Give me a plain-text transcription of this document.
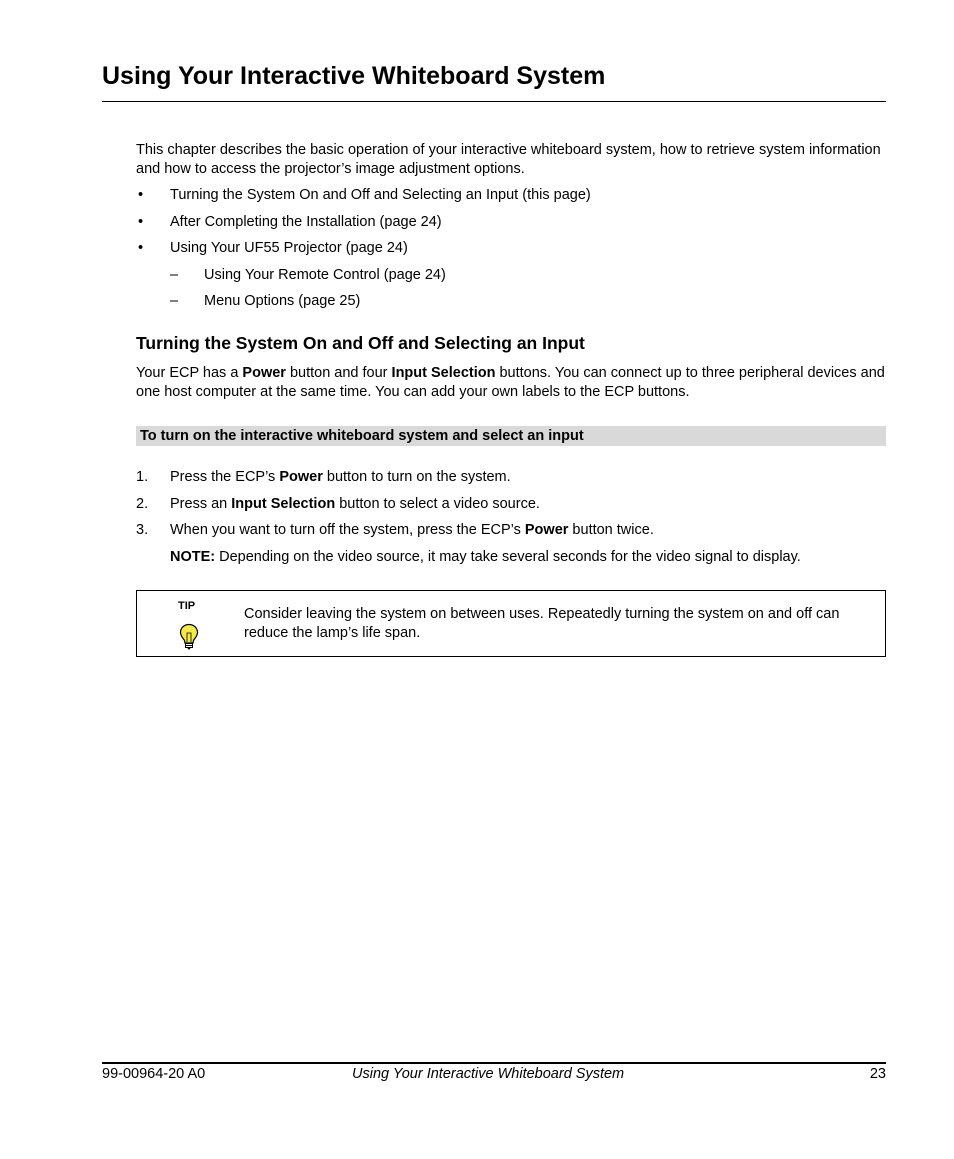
Using Your Interactive Whiteboard System
This chapter describes the basic operation of your interactive whiteboard system, how to retrieve system information and how to access the projector’s image adjustment options.
• Turning the System On and Off and Selecting an Input (this page)
• After Completing the Installation (page 24)
• Using Your UF55 Projector (page 24)
– Using Your Remote Control (page 24)
– Menu Options (page 25)
Turning the System On and Off and Selecting an Input
Your ECP has a Power button and four Input Selection buttons. You can connect up to three peripheral devices and one host computer at the same time. You can add your own labels to the ECP buttons.
To turn on the interactive whiteboard system and select an input
1. Press the ECP’s Power button to turn on the system.
2. Press an Input Selection button to select a video source.
3. When you want to turn off the system, press the ECP’s Power button twice.
NOTE: Depending on the video source, it may take several seconds for the video signal to display.
TIP	Consider leaving the system on between uses. Repeatedly turning the system on and off can reduce the lamp’s life span.
99-00964-20 A0	Using Your Interactive Whiteboard System	23
